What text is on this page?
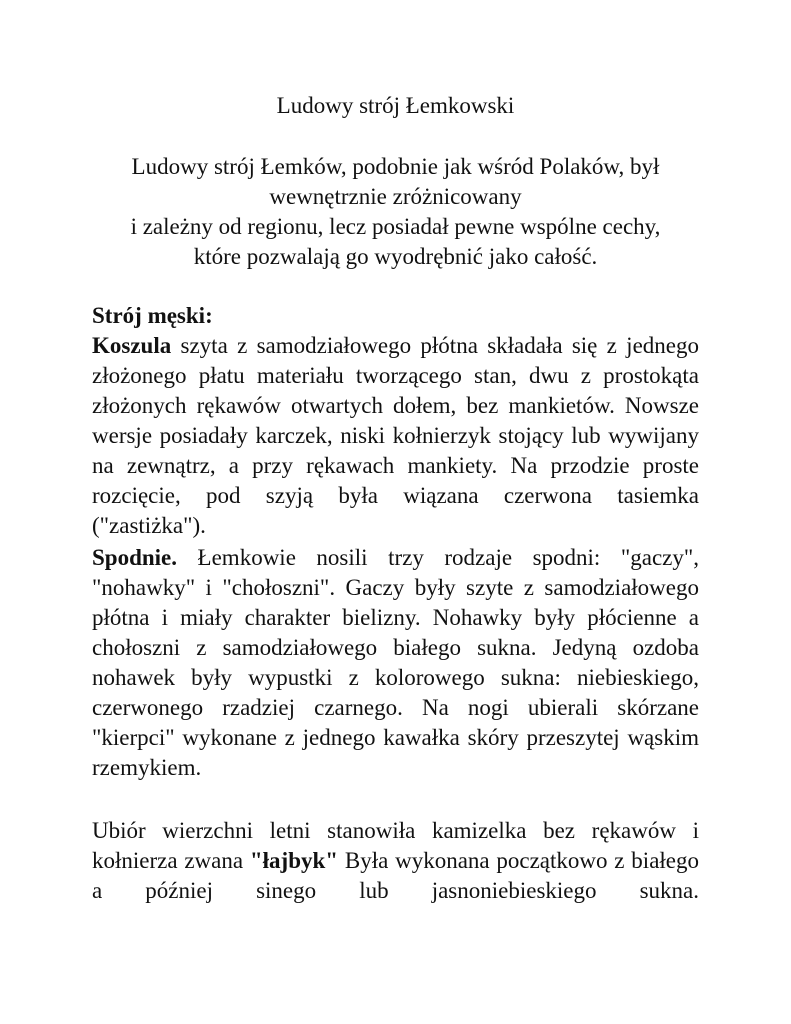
Ludowy strój Łemkowski
Ludowy strój Łemków, podobnie jak wśród Polaków, był
wewnętrznie zróżnicowany
i zależny od regionu, lecz posiadał pewne wspólne cechy,
które pozwalają go wyodrębnić jako całość.
Strój męski:
Koszula szyta z samodziałowego płótna składała się z jednego złożonego płatu materiału tworzącego stan, dwu z prostokąta złożonych rękawów otwartych dołem, bez mankietów. Nowsze wersje posiadały karczek, niski kołnierzyk stojący lub wywijany na zewnątrz, a przy rękawach mankiety. Na przodzie proste rozcięcie, pod szyją była wiązana czerwona tasiemka ("zastiżka").
Spodnie. Łemkowie nosili trzy rodzaje spodni: "gaczy", "nohawky" i "chołoszni". Gaczy były szyte z samodziałowego płótna i miały charakter bielizny. Nohawky były płócienne a chołoszni z samodziałowego białego sukna. Jedyną ozdoba nohawek były wypustki z kolorowego sukna: niebieskiego, czerwonego rzadziej czarnego. Na nogi ubierali skórzane "kierpci" wykonane z jednego kawałka skóry przeszytej wąskim rzemykiem.
Ubiór wierzchni letni stanowiła kamizelka bez rękawów i kołnierza zwana "łajbyk" Była wykonana początkowo z białego a później sinego lub jasnoniebieskiego sukna.
